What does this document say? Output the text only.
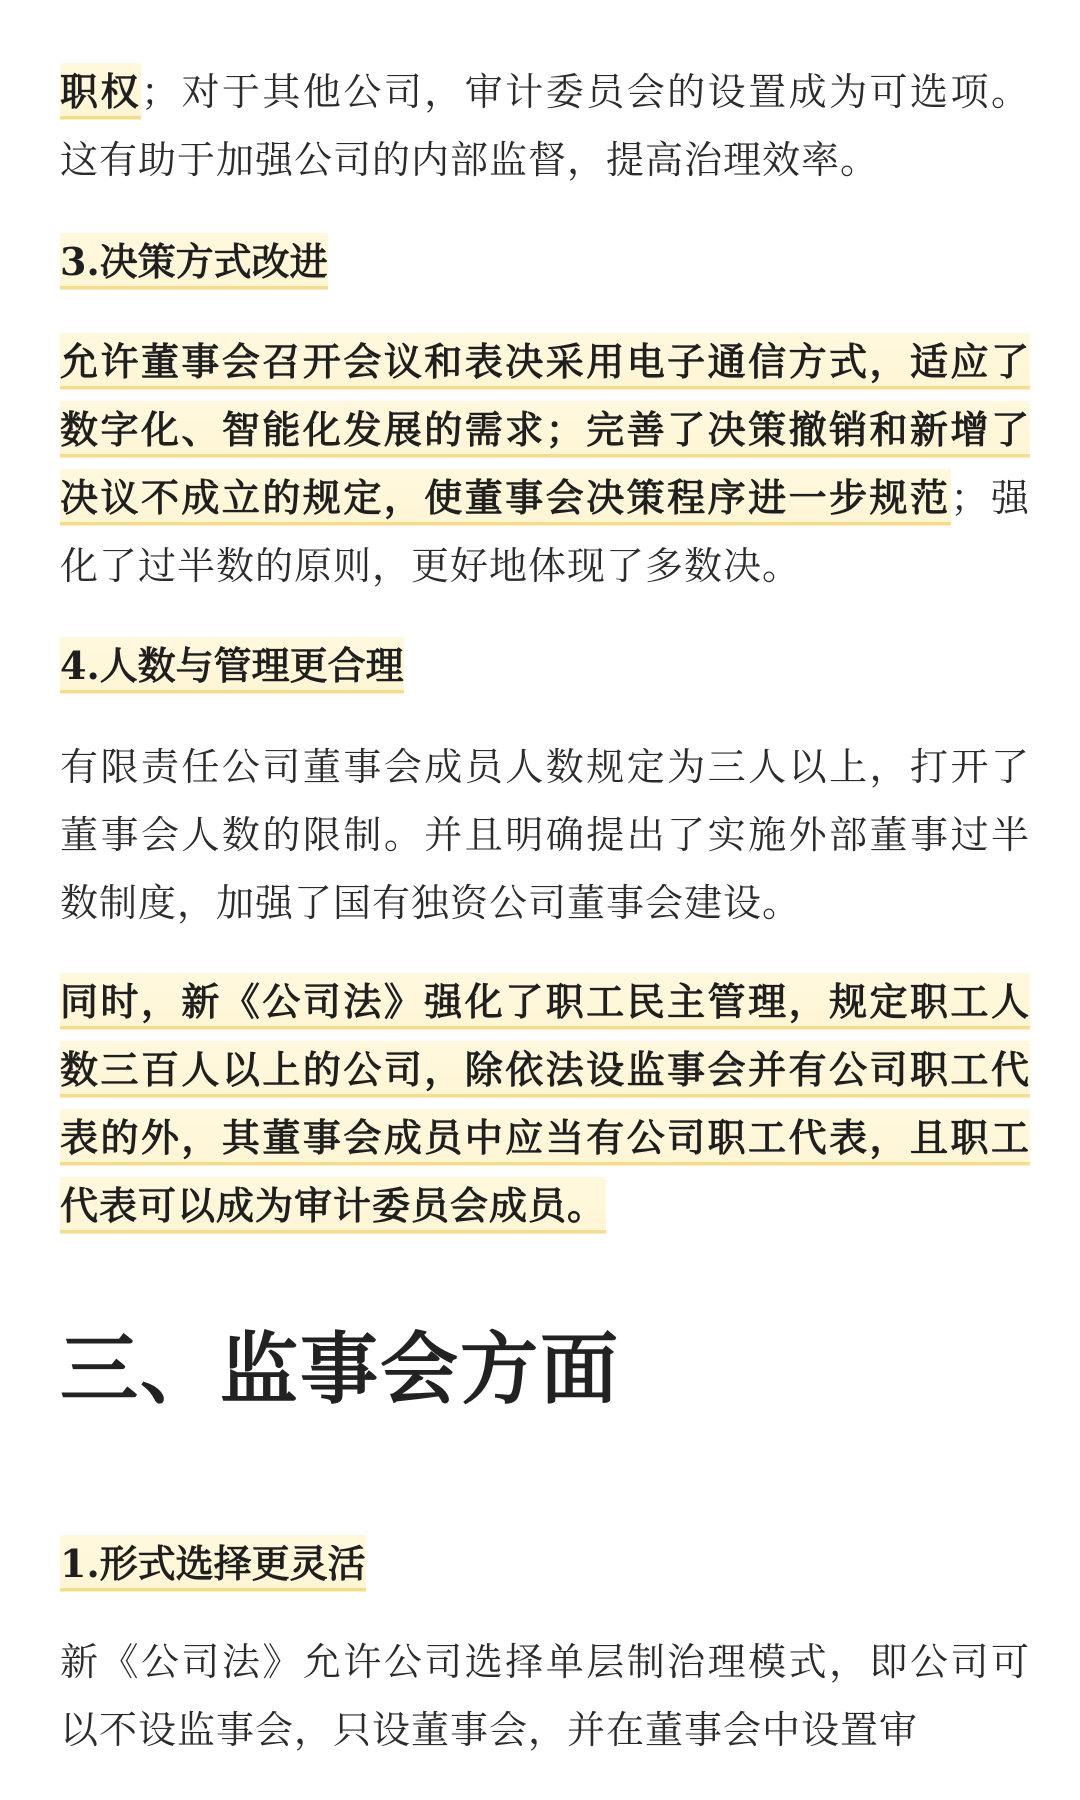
职权；对于其他公司，审计委员会的设置成为可选项。这有助于加强公司的内部监督，提高治理效率。

3.决策方式改进

允许董事会召开会议和表决采用电子通信方式，适应了数字化、智能化发展的需求；完善了决策撤销和新增了决议不成立的规定，使董事会决策程序进一步规范；强化了过半数的原则，更好地体现了多数决。

4.人数与管理更合理

有限责任公司董事会成员人数规定为三人以上，打开了董事会人数的限制。并且明确提出了实施外部董事过半数制度，加强了国有独资公司董事会建设。

同时，新《公司法》强化了职工民主管理，规定职工人数三百人以上的公司，除依法设监事会并有公司职工代表的外，其董事会成员中应当有公司职工代表，且职工代表可以成为审计委员会成员。

三、监事会方面

1.形式选择更灵活

新《公司法》允许公司选择单层制治理模式，即公司可以不设监事会，只设董事会，并在董事会中设置审
